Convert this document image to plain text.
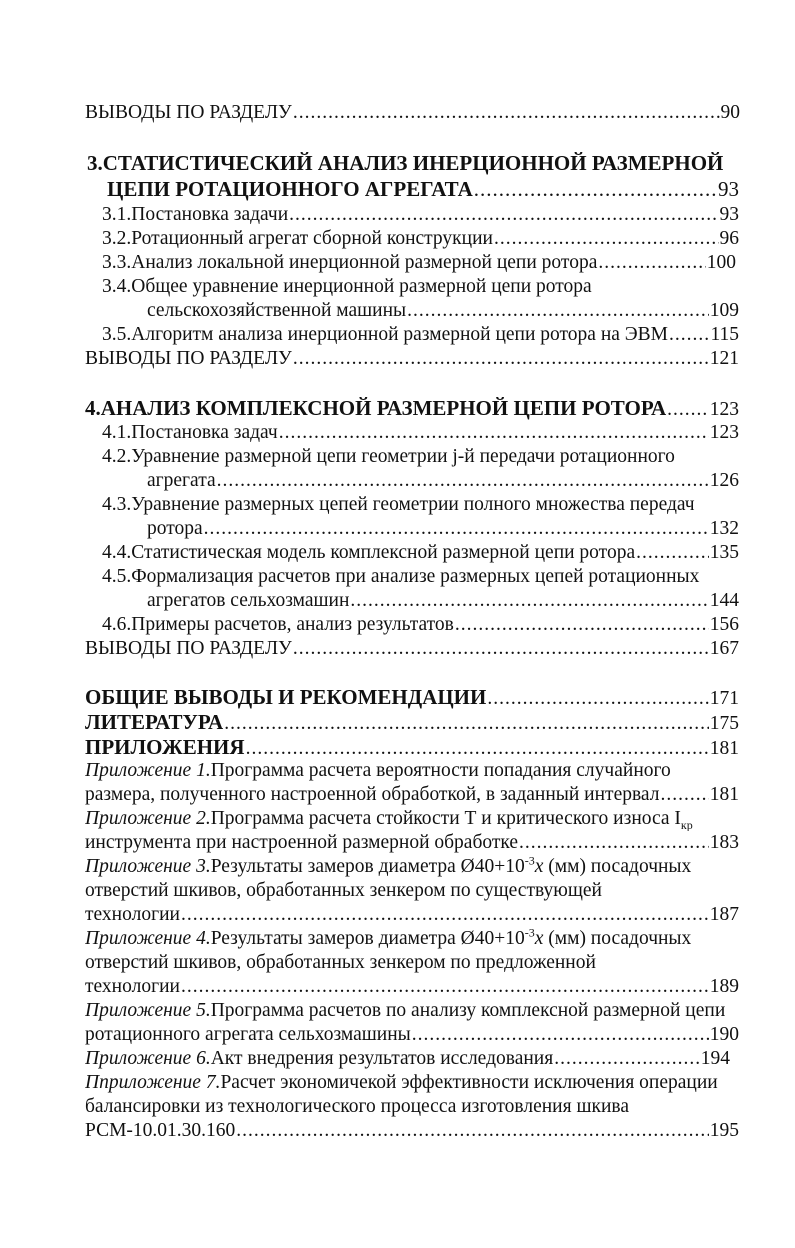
ВЫВОДЫ ПО РАЗДЕЛУ .....	90
3.СТАТИСТИЧЕСКИЙ АНАЛИЗ ИНЕРЦИОННОЙ РАЗМЕРНОЙ
ЦЕПИ РОТАЦИОННОГО АГРЕГАТА .....	93
3.1.Постановка задачи .....	93
3.2.Ротационный агрегат сборной конструкции .....	96
3.3.Анализ локальной инерционной размерной цепи ротора .....	100
3.4.Общее уравнение инерционной размерной цепи ротора
сельскохозяйственной машины .....	109
3.5.Алгоритм анализа инерционной размерной цепи ротора на ЭВМ ..... 115
ВЫВОДЫ ПО РАЗДЕЛУ .....	121
4.АНАЛИЗ КОМПЛЕКСНОЙ РАЗМЕРНОЙ ЦЕПИ РОТОРА ..... 123
4.1.Постановка задач .....	123
4.2.Уравнение размерной цепи геометрии j-й передачи ротационного
агрегата .....	126
4.3.Уравнение размерных цепей геометрии полного множества передач
ротора .....	132
4.4.Статистическая модель комплексной размерной цепи ротора .....	135
4.5.Формализация расчетов при анализе размерных цепей ротационных
агрегатов сельхозмашин .....	144
4.6.Примеры расчетов, анализ результатов .....	156
ВЫВОДЫ ПО РАЗДЕЛУ .....	167
ОБЩИЕ ВЫВОДЫ И РЕКОМЕНДАЦИИ .....	171
ЛИТЕРАТУРА .....	175
ПРИЛОЖЕНИЯ .....	181
Приложение 1.Программа расчета вероятности попадания случайного
размера, полученного настроенной обработкой, в заданный интервал .....	181
Приложение 2.Программа расчета стойкости Т и критического износа $I_{кр}$
инструмента при настроенной размерной обработке .....	183
Приложение 3.Результаты замеров диаметра $Ø40+10^{-3}x$ (мм) посадочных
отверстий шкивов, обработанных зенкером по существующей
технологии .....	187
Приложение 4.Результаты замеров диаметра $Ø40+10^{-3}x$ (мм) посадочных
отверстий шкивов, обработанных зенкером по предложенной
технологии .....	189
Приложение 5.Программа расчетов по анализу комплексной размерной цепи
ротационного агрегата сельхозмашины .....	190
Приложение 6.Акт внедрения результатов исследования .....	194
Пприложение 7.Расчет экономичекой эффективности исключения операции
балансировки из технологического процесса изготовления шкива
РСМ-10.01.30.160 .....	195
